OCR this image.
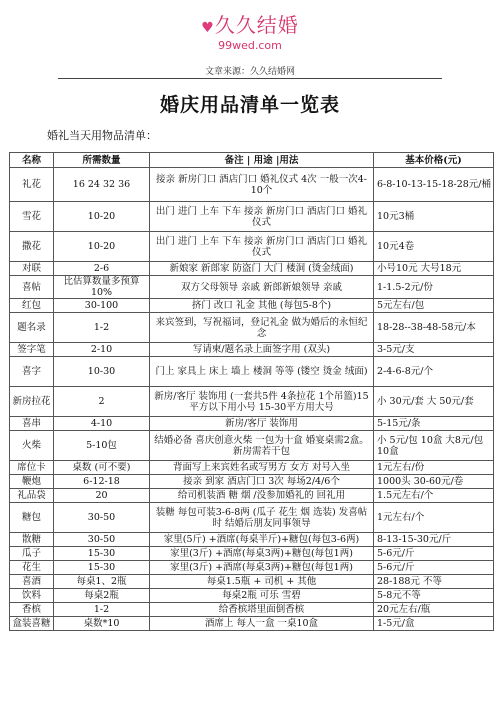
♥久久结婚
99wed.com
文章来源：久久结婚网
婚庆用品清单一览表
婚礼当天用物品清单：
名称	所需数量	备注 | 用途 |用法	基本价格(元)
礼花	16 24 32 36	接亲 新房门口 酒店门口 婚礼仪式 4次 一般一次4-10个	6-8-10-13-15-18-28元/桶
雪花	10-20	出门 进门 上车 下车 接亲 新房门口 酒店门口 婚礼仪式	10元3桶
撒花	10-20	出门 进门 上车 下车 接亲 新房门口 酒店门口 婚礼仪式	10元4卷
对联	2-6	新娘家 新郎家 防盗门 大门 楼洞 (烫金绒面)	小号10元 大号18元
喜帖	比估算数量多预算10%	双方父母领导 亲戚 新郎新娘领导 亲戚	1-1.5-2元/份
红包	30-100	挤门 改口 礼金 其他 (每包5-8个)	5元左右/包
题名录	1-2	来宾签到，写祝福词，登记礼金 做为婚后的永恒纪念	18-28--38-48-58元/本
签字笔	2-10	写请柬/题名录上面签字用 (双头)	3-5元/支
喜字	10-30	门上 家具上 床上 墙上 楼洞 等等 (镂空 烫金 绒面)	2-4-6-8元/个
新房拉花	2	新房/客厅 装饰用 (一套共5件 4条拉花 1个吊篮)15平方以下用小号 15-30平方用大号	小 30元/套 大 50元/套
喜串	4-10	新房/客厅 装饰用	5-15元/条
火柴	5-10包	结婚必备 喜庆创意火柴 一包为十盒 婚宴桌需2盒。新房需若干包	小 5元/包 10盒 大8元/包 10盒
席位卡	桌数 (可不要)	背面写上来宾姓名或写男方 女方 对号入坐	1元左右/份
鞭炮	6-12-18	接亲 到家 酒店门口 3次 每场2/4/6个	1000头 30-60元/卷
礼品袋	20	给司机装酒 糖 烟 /没参加婚礼的 回礼用	1.5元左右/个
糖包	30-50	装糖 每包可装3-6-8两 (瓜子 花生 烟 选装) 发喜帖时 结婚后朋友同事领导	1元左右/个
散糖	30-50	家里(5斤) +酒席(每桌半斤)+糖包(每包3-6两)	8-13-15-30元/斤
瓜子	15-30	家里(3斤) +酒席(每桌3两)+糖包(每包1两)	5-6元/斤
花生	15-30	家里(3斤) +酒席(每桌3两)+糖包(每包1两)	5-6元/斤
喜酒	每桌1、2瓶	每桌1.5瓶 + 司机 + 其他	28-188元 不等
饮料	每桌2瓶	每桌2瓶 可乐 雪碧	5-8元不等
香槟	1-2	给香槟塔里面倒香槟	20元左右/瓶
盒装喜糖	桌数*10	酒席上 每人一盒 一桌10盒	1-5元/盒
